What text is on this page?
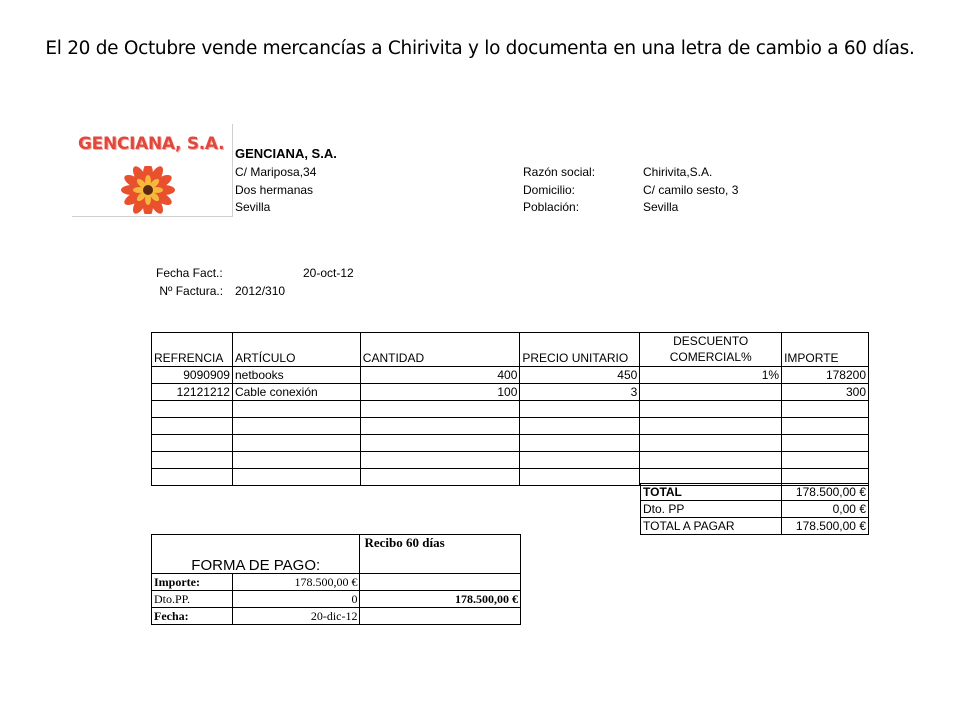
El 20 de Octubre vende mercancías a Chirivita y lo documenta en una letra de cambio a 60 días.
GENCIANA, S.A. GENCIANA, S.A.
C/ Mariposa,34
Dos hermanas
Sevilla
Razón social:	Chirivita,S.A.
Domicilio:	C/ camilo sesto, 3
Población:	Sevilla
Fecha Fact.:	20-oct-12
Nº Factura.: 2012/310
REFRENCIA	ARTÍCULO	CANTIDAD	PRECIO UNITARIO	DESCUENTO
COMERCIAL%	IMPORTE
9090909	netbooks	400	450	1%	178200
12121212	Cable conexión	100	3		300

TOTAL	178.500,00 €
Dto. PP	0,00 €
TOTAL A PAGAR	178.500,00 €
FORMA DE PAGO:		Recibo 60 días
Importe:	178.500,00 €	
Dto.PP.	0	178.500,00 €
Fecha:	20-dic-12	
